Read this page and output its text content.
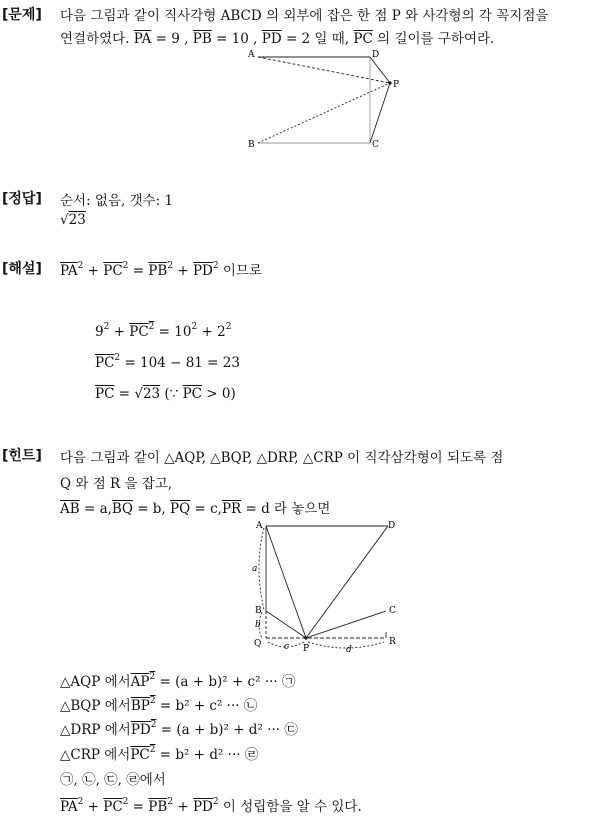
[문제] 다음 그림과 같이 직사각형 ABCD 의 외부에 잡은 한 점 P 와 사각형의 각 꼭지점을
연결하였다. $\overline{PA} = 9$ , $\overline{PB} = 10$ , $\overline{PD} = 2$ 일 때, $\overline{PC}$ 의 길이를 구하여라.
A	D
P
B	C
[정답] 순서: 없음, 갯수: 1
√23
[해설] $\overline{PA}^2 + \overline{PC}^2 = \overline{PB}^2 + \overline{PD}^2$ 이므로
$9^2 + PC^2 = 10^2 + 2^2$
$\overline{PC}^2 = 104 - 81 = 23$
$\overline{PC} = √23$ (∵ $\overline{PC} > 0$)
[힌트] 다음 그림과 같이 △AQP, △BQP, △DRP, △CRP 이 직각삼각형이 되도록 점
Q 와 점 R 을 잡고,
$\overline{AB} = a,\overline{BQ} = b$, $\overline{PQ} = c,\overline{PR} = d$ 라 놓으면
A	D
a
B	C
b
Q	c P	d
R
△AQP 에서$AP^2 = (a + b)^2 + c^2$ ··· ㉠
△BQP 에서$BP^2 = b^2 + c^2$ ··· ㉡
△DRP 에서$PD^2 = (a + b)^2 + d^2$ ··· ㉢
△CRP 에서$PC^2 = b^2 + d^2$ ··· ㉣
㉠, ㉡, ㉢, ㉣에서
$\overline{PA}^2 + \overline{PC}^2 = \overline{PB}^2 + \overline{PD}^2$ 이 성립함을 알 수 있다.
